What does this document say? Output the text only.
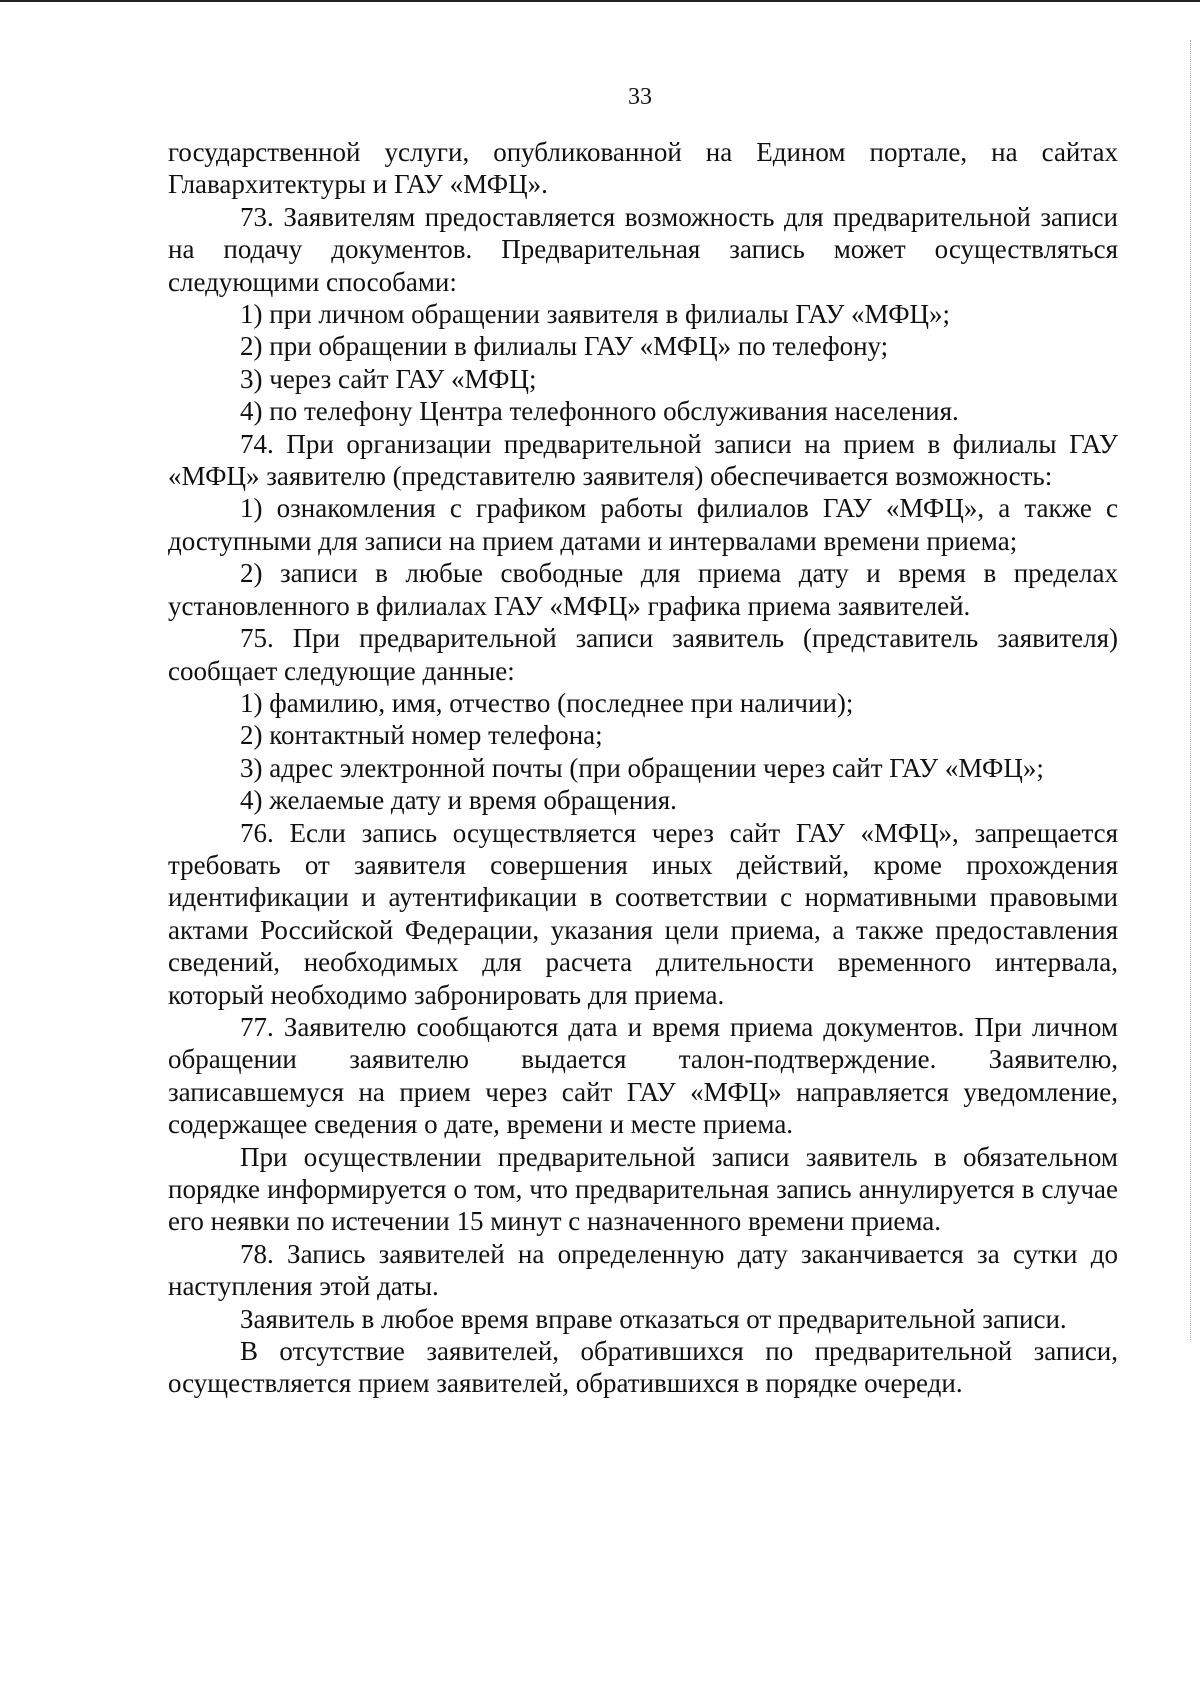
33

государственной услуги, опубликованной на Едином портале, на сайтах Главархитектуры и ГАУ «МФЦ».

73. Заявителям предоставляется возможность для предварительной записи на подачу документов. Предварительная запись может осуществляться следующими способами:

1) при личном обращении заявителя в филиалы ГАУ «МФЦ»;

2) при обращении в филиалы ГАУ «МФЦ» по телефону;

3) через сайт ГАУ «МФЦ;

4) по телефону Центра телефонного обслуживания населения.

74. При организации предварительной записи на прием в филиалы ГАУ «МФЦ» заявителю (представителю заявителя) обеспечивается возможность:

1) ознакомления с графиком работы филиалов ГАУ «МФЦ», а также с доступными для записи на прием датами и интервалами времени приема;

2) записи в любые свободные для приема дату и время в пределах установленного в филиалах ГАУ «МФЦ» графика приема заявителей.

75. При предварительной записи заявитель (представитель заявителя) сообщает следующие данные:

1) фамилию, имя, отчество (последнее при наличии);

2) контактный номер телефона;

3) адрес электронной почты (при обращении через сайт ГАУ «МФЦ»;

4) желаемые дату и время обращения.

76. Если запись осуществляется через сайт ГАУ «МФЦ», запрещается требовать от заявителя совершения иных действий, кроме прохождения идентификации и аутентификации в соответствии с нормативными правовыми актами Российской Федерации, указания цели приема, а также предоставления сведений, необходимых для расчета длительности временного интервала, который необходимо забронировать для приема.

77. Заявителю сообщаются дата и время приема документов. При личном обращении заявителю выдается талон-подтверждение. Заявителю, записавшемуся на прием через сайт ГАУ «МФЦ» направляется уведомление, содержащее сведения о дате, времени и месте приема.

При осуществлении предварительной записи заявитель в обязательном порядке информируется о том, что предварительная запись аннулируется в случае его неявки по истечении 15 минут с назначенного времени приема.

78. Запись заявителей на определенную дату заканчивается за сутки до наступления этой даты.

Заявитель в любое время вправе отказаться от предварительной записи.

В отсутствие заявителей, обратившихся по предварительной записи, осуществляется прием заявителей, обратившихся в порядке очереди.
